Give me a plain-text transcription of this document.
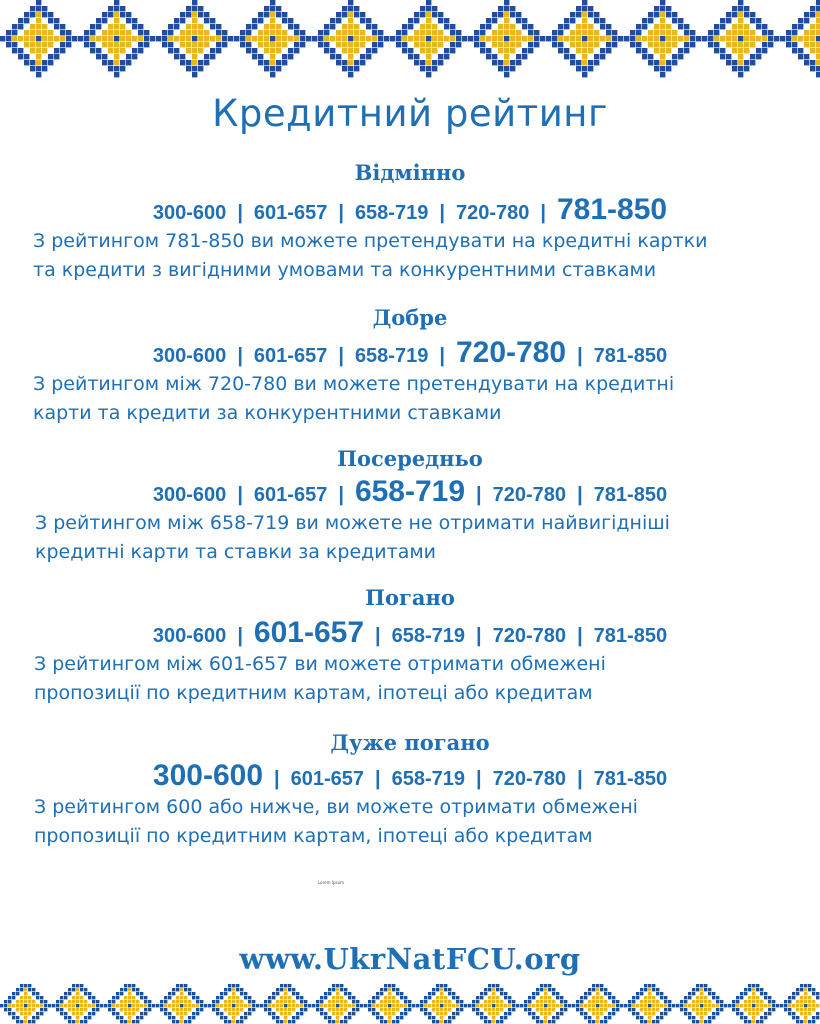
Кредитний рейтинг
Відмінно
300-600 | 601-657 | 658-719 | 720-780 | 781-850
З рейтингом 781-850 ви можете претендувати на кредитні картки
та кредити з вигідними умовами та конкурентними ставками
Добре
300-600 | 601-657 | 658-719 | 720-780 | 781-850
З рейтингом між 720-780 ви можете претендувати на кредитні
карти та кредити за конкурентними ставками
Посередньо
300-600 | 601-657 | 658-719 | 720-780 | 781-850
З рейтингом між 658-719 ви можете не отримати найвигідніші
кредитні карти та ставки за кредитами
Погано
300-600 | 601-657 | 658-719 | 720-780 | 781-850
З рейтингом між 601-657 ви можете отримати обмежені
пропозиції по кредитним картам, іпотеці або кредитам
Дуже погано
300-600 | 601-657 | 658-719 | 720-780 | 781-850
З рейтингом 600 або нижче, ви можете отримати обмежені
пропозиції по кредитним картам, іпотеці або кредитам
Lorem Ipsum
www.UkrNatFCU.org
